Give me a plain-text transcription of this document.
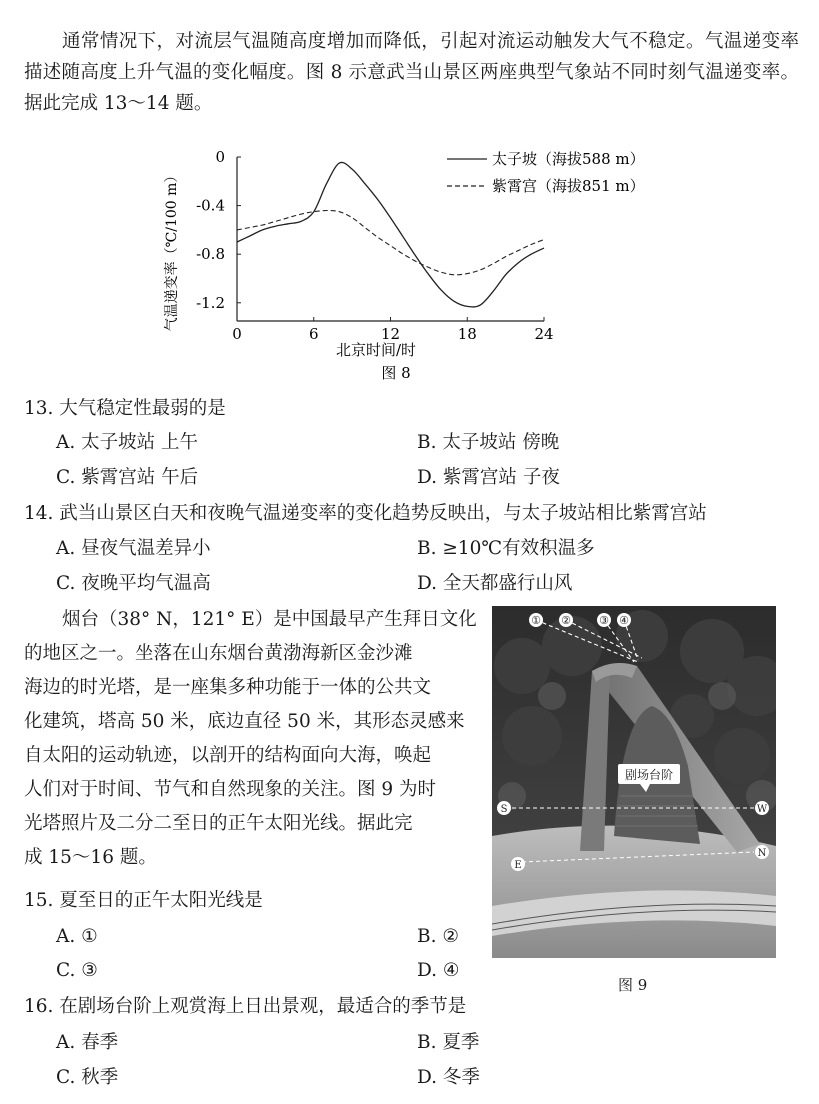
通常情况下，对流层气温随高度增加而降低，引起对流运动触发大气不稳定。气温递变率描述随高度上升气温的变化幅度。图 8 示意武当山景区两座典型气象站不同时刻气温递变率。据此完成 13～14 题。
0	6	12	18	24
0
-0.4
-0.8
-1.2
气温递变率（℃/100 m）
北京时间/时
太子坡（海拔588 m）
紫霄宫（海拔851 m）
图 8
13. 大气稳定性最弱的是
A. 太子坡站 上午	B. 太子坡站 傍晚
C. 紫霄宫站 午后	D. 紫霄宫站 子夜
14. 武当山景区白天和夜晚气温递变率的变化趋势反映出，与太子坡站相比紫霄宫站
A. 昼夜气温差异小	B. ≥10℃有效积温多
C. 夜晚平均气温高	D. 全天都盛行山风
烟台（38° N，121° E）是中国最早产生拜日文化
的地区之一。坐落在山东烟台黄渤海新区金沙滩
海边的时光塔，是一座集多种功能于一体的公共文
化建筑，塔高 50 米，底边直径 50 米，其形态灵感来
自太阳的运动轨迹，以剖开的结构面向大海，唤起
人们对于时间、节气和自然现象的关注。图 9 为时
光塔照片及二分二至日的正午太阳光线。据此完
成 15～16 题。
① ②	③ ④
S	W
E
N
剧场台阶
图 9
15. 夏至日的正午太阳光线是
A. ①	B. ②
C. ③	D. ④
16. 在剧场台阶上观赏海上日出景观，最适合的季节是
A. 春季	B. 夏季
C. 秋季	D. 冬季
